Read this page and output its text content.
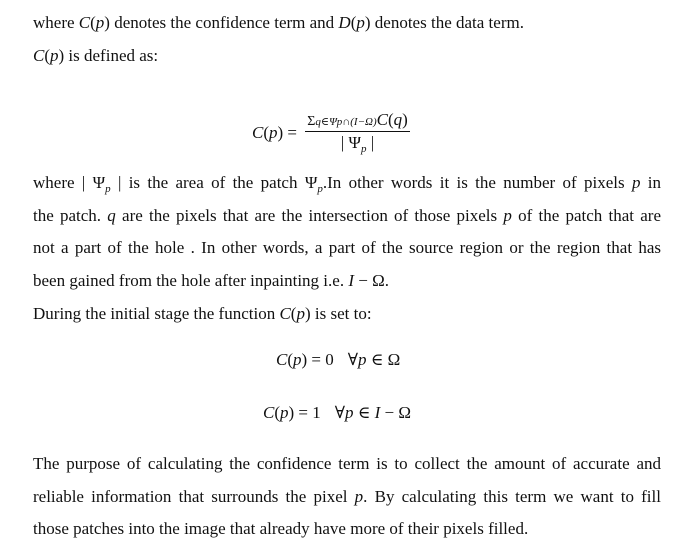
where C(p) denotes the confidence term and D(p) denotes the data term.
C(p) is defined as:
$C(p) = \frac{\Sigma q\in\Psi p\cap(I-\Omega)C(q)}{| \Psi_p |}$
where | $\Psi_p$ | is the area of the patch $\Psi_p.In$ other words it is the number of pixels p in
the patch. q are the pixels that are the intersection of those pixels p of the patch that are
not a part of the hole . In other words, a part of the source region or the region that has
been gained from the hole after inpainting i.e. I − Ω.
During the initial stage the function C(p) is set to:
C(p) = 0 ∀p ∈ Ω
C(p) = 1 ∀p ∈ I − Ω
The purpose of calculating the confidence term is to collect the amount of accurate and
reliable information that surrounds the pixel p. By calculating this term we want to fill
those patches into the image that already have more of their pixels filled.
